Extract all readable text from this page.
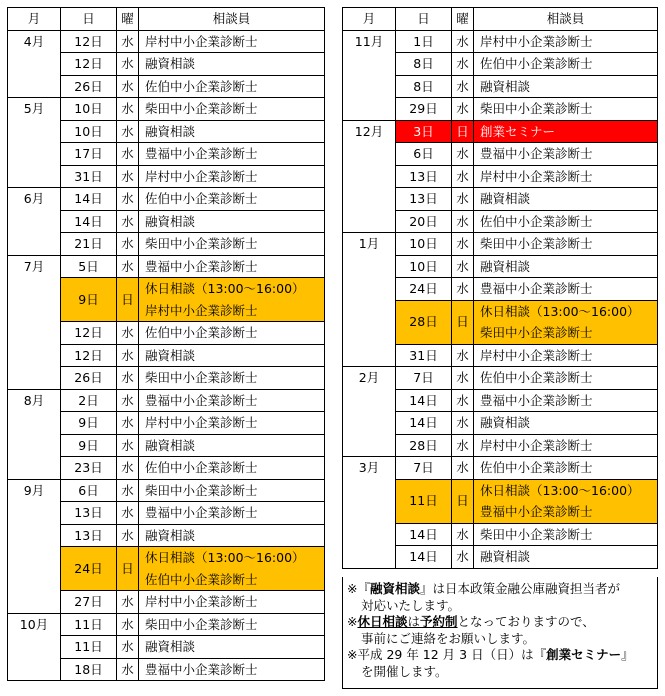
月	日	曜	相談員
4月	12日	水	岸村中小企業診断士
	12日	水	融資相談
	26日	水	佐伯中小企業診断士
5月	10日	水	柴田中小企業診断士
	10日	水	融資相談
	17日	水	豊福中小企業診断士
	31日	水	岸村中小企業診断士
6月	14日	水	佐伯中小企業診断士
	14日	水	融資相談
	21日	水	柴田中小企業診断士
7月	5日	水	豊福中小企業診断士
	9日	日	休日相談（13:00～16:00）
			岸村中小企業診断士
	12日	水	佐伯中小企業診断士
	12日	水	融資相談
	26日	水	柴田中小企業診断士
8月	2日	水	豊福中小企業診断士
	9日	水	岸村中小企業診断士
	9日	水	融資相談
	23日	水	佐伯中小企業診断士
9月	6日	水	柴田中小企業診断士
	13日	水	豊福中小企業診断士
	13日	水	融資相談
	24日	日	休日相談（13:00～16:00）
			佐伯中小企業診断士
	27日	水	岸村中小企業診断士
10月	11日	水	柴田中小企業診断士
	11日	水	融資相談
	18日	水	豊福中小企業診断士
月	日	曜	相談員
11月	1日	水	岸村中小企業診断士
	8日	水	佐伯中小企業診断士
	8日	水	融資相談
	29日	水	柴田中小企業診断士
12月	3日	日	創業セミナー
	6日	水	豊福中小企業診断士
	13日	水	岸村中小企業診断士
	13日	水	融資相談
	20日	水	佐伯中小企業診断士
1月	10日	水	柴田中小企業診断士
	10日	水	融資相談
	24日	水	豊福中小企業診断士
	28日	日	休日相談（13:00～16:00）
			柴田中小企業診断士
	31日	水	岸村中小企業診断士
2月	7日	水	佐伯中小企業診断士
	14日	水	豊福中小企業診断士
	14日	水	融資相談
	28日	水	岸村中小企業診断士
3月	7日	水	佐伯中小企業診断士
	11日	日	休日相談（13:00～16:00）
			豊福中小企業診断士
	14日	水	柴田中小企業診断士
	14日	水	融資相談

※『融資相談』は日本政策金融公庫融資担当者が
対応いたします。

※休日相談は予約制となっておりますので、
事前にご連絡をお願いします。

※平成 29 年 12 月 3 日（日）は『創業セミナー』
を開催します。
